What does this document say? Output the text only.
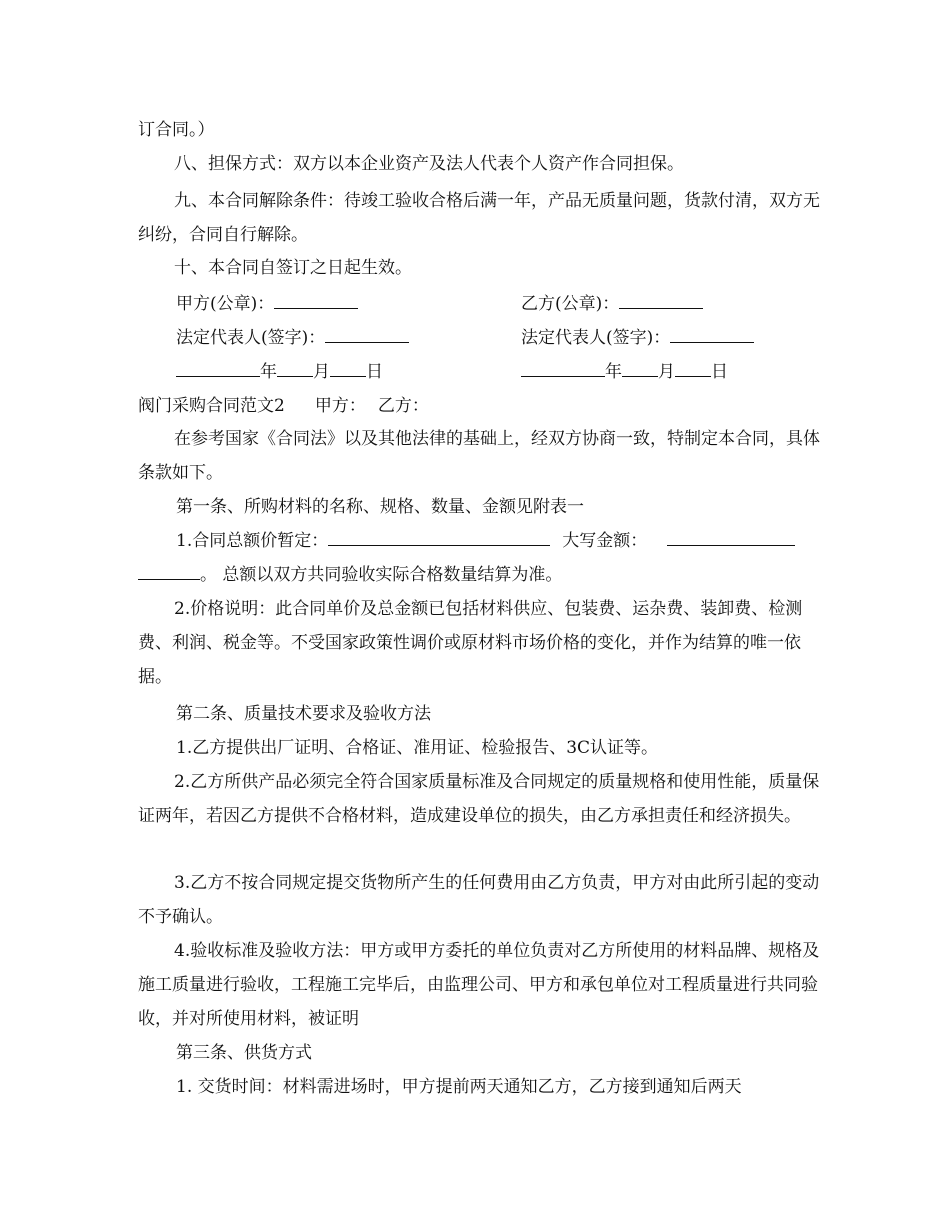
订合同。）

八、担保方式：双方以本企业资产及法人代表个人资产作合同担保。

九、本合同解除条件：待竣工验收合格后满一年，产品无质量问题，货款付清，双方无纠纷，合同自行解除。

十、本合同自签订之日起生效。

甲方(公章)：	乙方(公章)：
法定代表人(签字)：	法定代表人(签字)：
年 月 日	年 月 日
阀门采购合同范文2 甲方： 乙方：

在参考国家《合同法》以及其他法律的基础上，经双方协商一致，特制定本合同，具体条款如下。

第一条、所购材料的名称、规格、数量、金额见附表一

1.合同总额价暂定：	大写金额：
。 总额以双方共同验收实际合格数量结算为准。

2.价格说明：此合同单价及总金额已包括材料供应、包装费、运杂费、装卸费、检测费、利润、税金等。不受国家政策性调价或原材料市场价格的变化，并作为结算的唯一依据。

第二条、质量技术要求及验收方法

1.乙方提供出厂证明、合格证、准用证、检验报告、3C认证等。

2.乙方所供产品必须完全符合国家质量标准及合同规定的质量规格和使用性能，质量保证两年，若因乙方提供不合格材料，造成建设单位的损失，由乙方承担责任和经济损失。

3.乙方不按合同规定提交货物所产生的任何费用由乙方负责，甲方对由此所引起的变动不予确认。

4.验收标准及验收方法：甲方或甲方委托的单位负责对乙方所使用的材料品牌、规格及施工质量进行验收，工程施工完毕后，由监理公司、甲方和承包单位对工程质量进行共同验收，并对所使用材料，被证明

第三条、供货方式

1. 交货时间：材料需进场时，甲方提前两天通知乙方，乙方接到通知后两天
